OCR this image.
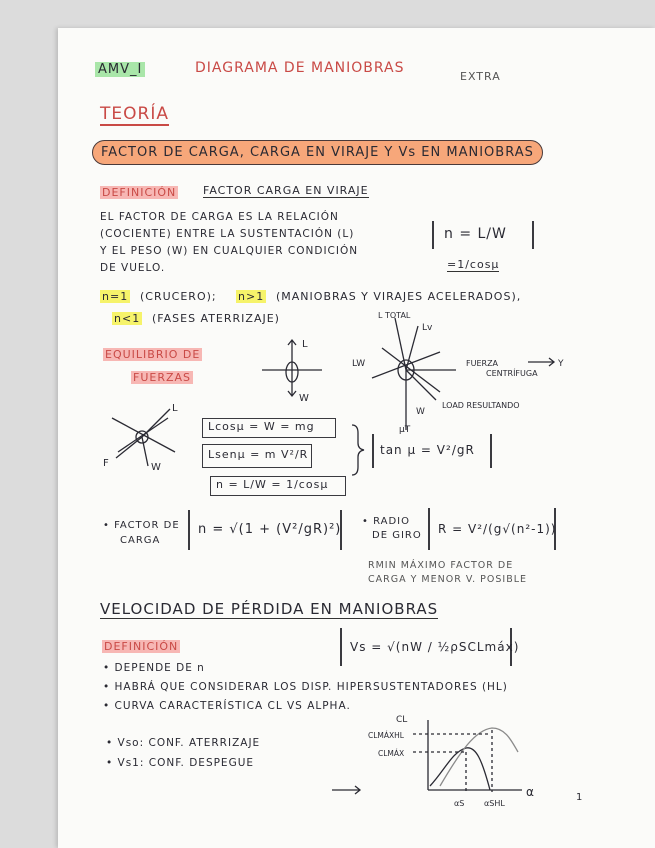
AMV_I	DIAGRAMA DE MANIOBRAS
EXTRA
TEORÍA
FACTOR DE CARGA, CARGA EN VIRAJE Y Vs EN MANIOBRAS
DEFINICIÓN FACTOR CARGA EN VIRAJE
EL FACTOR DE CARGA ES LA RELACIÓN
(COCIENTE) ENTRE LA SUSTENTACIÓN (L)
Y EL PESO (W) EN CUALQUIER CONDICIÓN
DE VUELO.
n = L/W
=1/cosμ
n=1 (CRUCERO); n>1 (MANIOBRAS Y VIRAJES ACELERADOS),
n<1 (FASES ATERRIZAJE)
EQUILIBRIO DE
FUERZAS
L
W
L
F	W
LW
L TOTAL
Lv
FUERZA
CENTRÍFUGA
Y
W
LOAD RESULTANDO
μT
Lcosμ = W = mg
Lsenμ = m V²/R
n = L/W = 1/cosμ
tan μ = V²/gR
• FACTOR DE
CARGA
n = √(1 + (V²/gR)²)
• RADIO
DE GIRO R = V²/(g√(n²-1))
RMIN MÁXIMO FACTOR DE
CARGA Y MENOR V. POSIBLE
VELOCIDAD DE PÉRDIDA EN MANIOBRAS
DEFINICIÓN	Vs = √(nW / ½ρSCLmáx)
• DEPENDE DE n
• HABRÁ QUE CONSIDERAR LOS DISP. HIPERSUSTENTADORES (HL)
• CURVA CARACTERÍSTICA CL VS ALPHA.
• Vso: CONF. ATERRIZAJE
• Vs1: CONF. DESPEGUE
CL
CLMÁXHL
CLMÁX
αS αSHL
α	1
